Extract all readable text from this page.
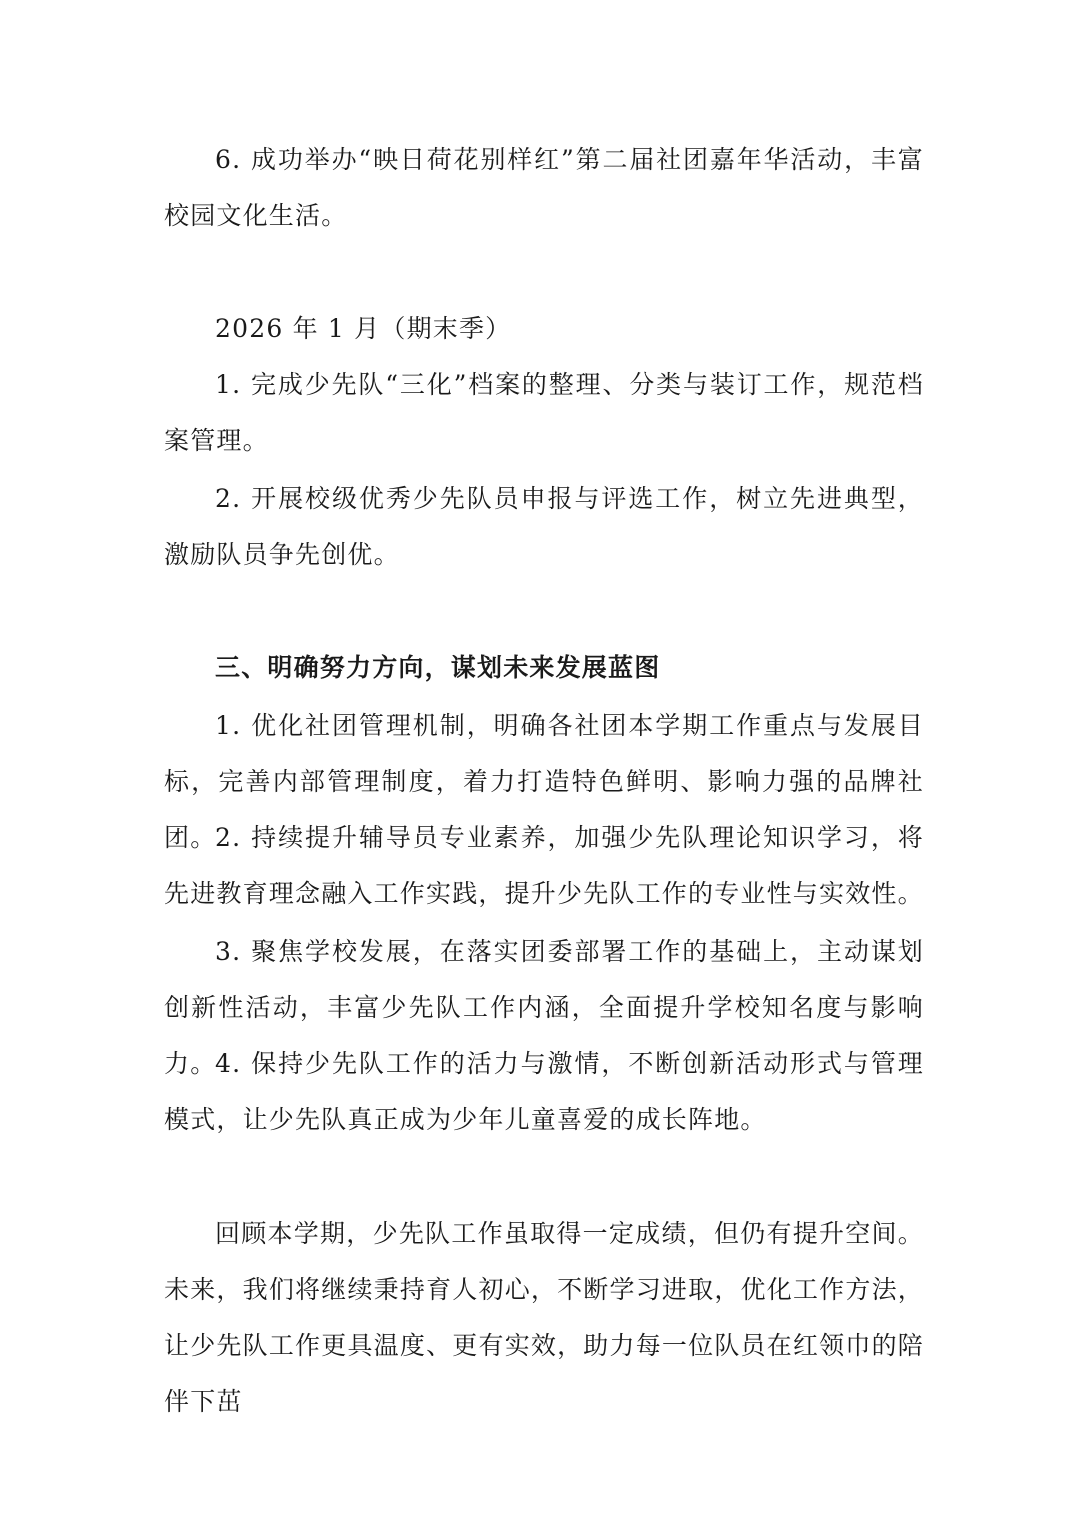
6. 成功举办“映日荷花别样红”第二届社团嘉年华活动，丰富校园文化生活。

2026 年 1 月（期末季）

1. 完成少先队“三化”档案的整理、分类与装订工作，规范档案管理。

2. 开展校级优秀少先队员申报与评选工作，树立先进典型，激励队员争先创优。

三、明确努力方向，谋划未来发展蓝图

1. 优化社团管理机制，明确各社团本学期工作重点与发展目标，完善内部管理制度，着力打造特色鲜明、影响力强的品牌社团。

2. 持续提升辅导员专业素养，加强少先队理论知识学习，将先进教育理念融入工作实践，提升少先队工作的专业性与实效性。

3. 聚焦学校发展，在落实团委部署工作的基础上，主动谋划创新性活动，丰富少先队工作内涵，全面提升学校知名度与影响力。

4. 保持少先队工作的活力与激情，不断创新活动形式与管理模式，让少先队真正成为少年儿童喜爱的成长阵地。

回顾本学期，少先队工作虽取得一定成绩，但仍有提升空间。未来，我们将继续秉持育人初心，不断学习进取，优化工作方法，让少先队工作更具温度、更有实效，助力每一位队员在红领巾的陪伴下茁
